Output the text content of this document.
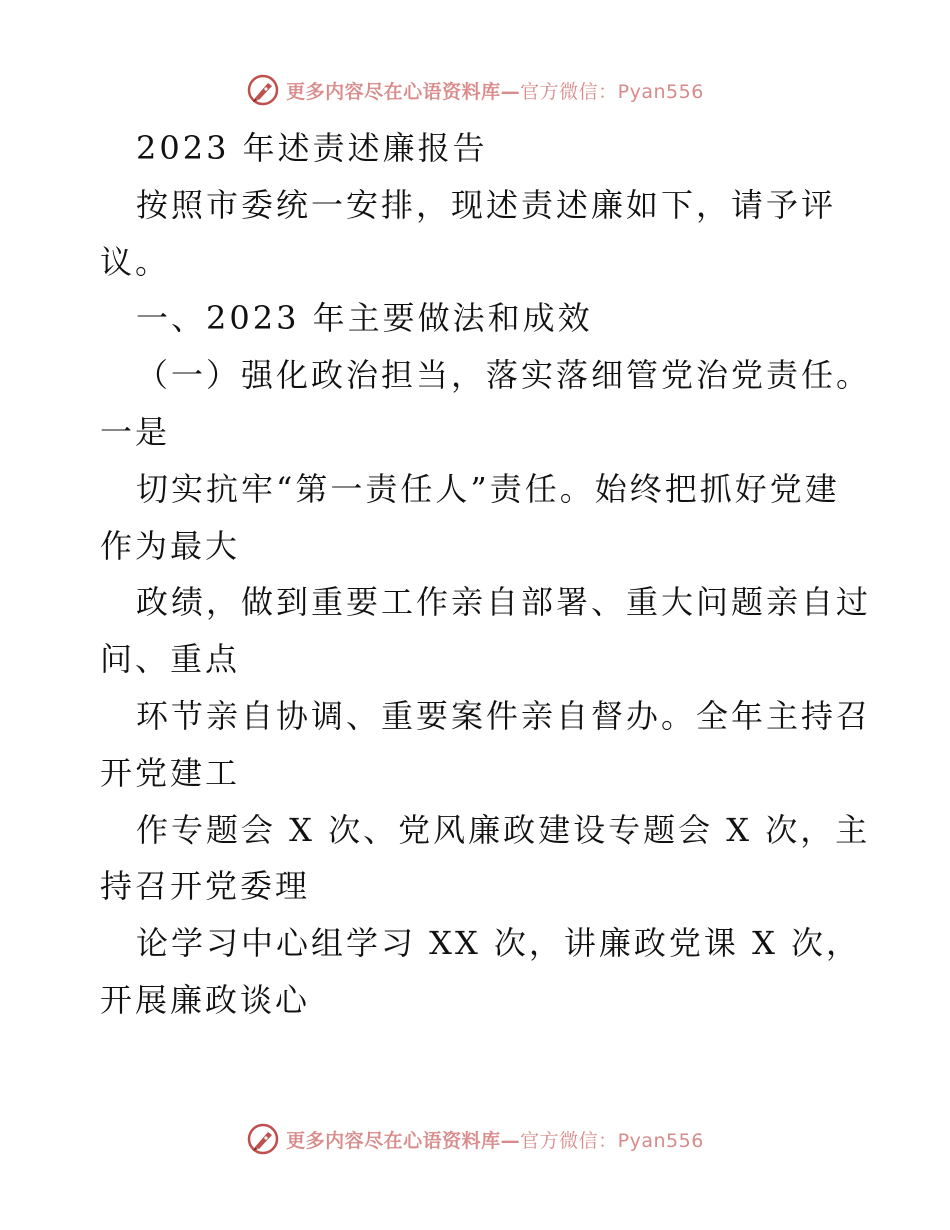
更多内容尽在心语资料库—官方微信：Pyan556
2023 年述责述廉报告
按照市委统一安排，现述责述廉如下，请予评
议。
一、2023 年主要做法和成效
（一）强化政治担当，落实落细管党治党责任。
一是
切实抗牢“第一责任人”责任。始终把抓好党建
作为最大
政绩，做到重要工作亲自部署、重大问题亲自过
问、重点
环节亲自协调、重要案件亲自督办。全年主持召
开党建工
作专题会 X 次、党风廉政建设专题会 X 次，主
持召开党委理
论学习中心组学习 XX 次，讲廉政党课 X 次，
开展廉政谈心
更多内容尽在心语资料库—官方微信：Pyan556
